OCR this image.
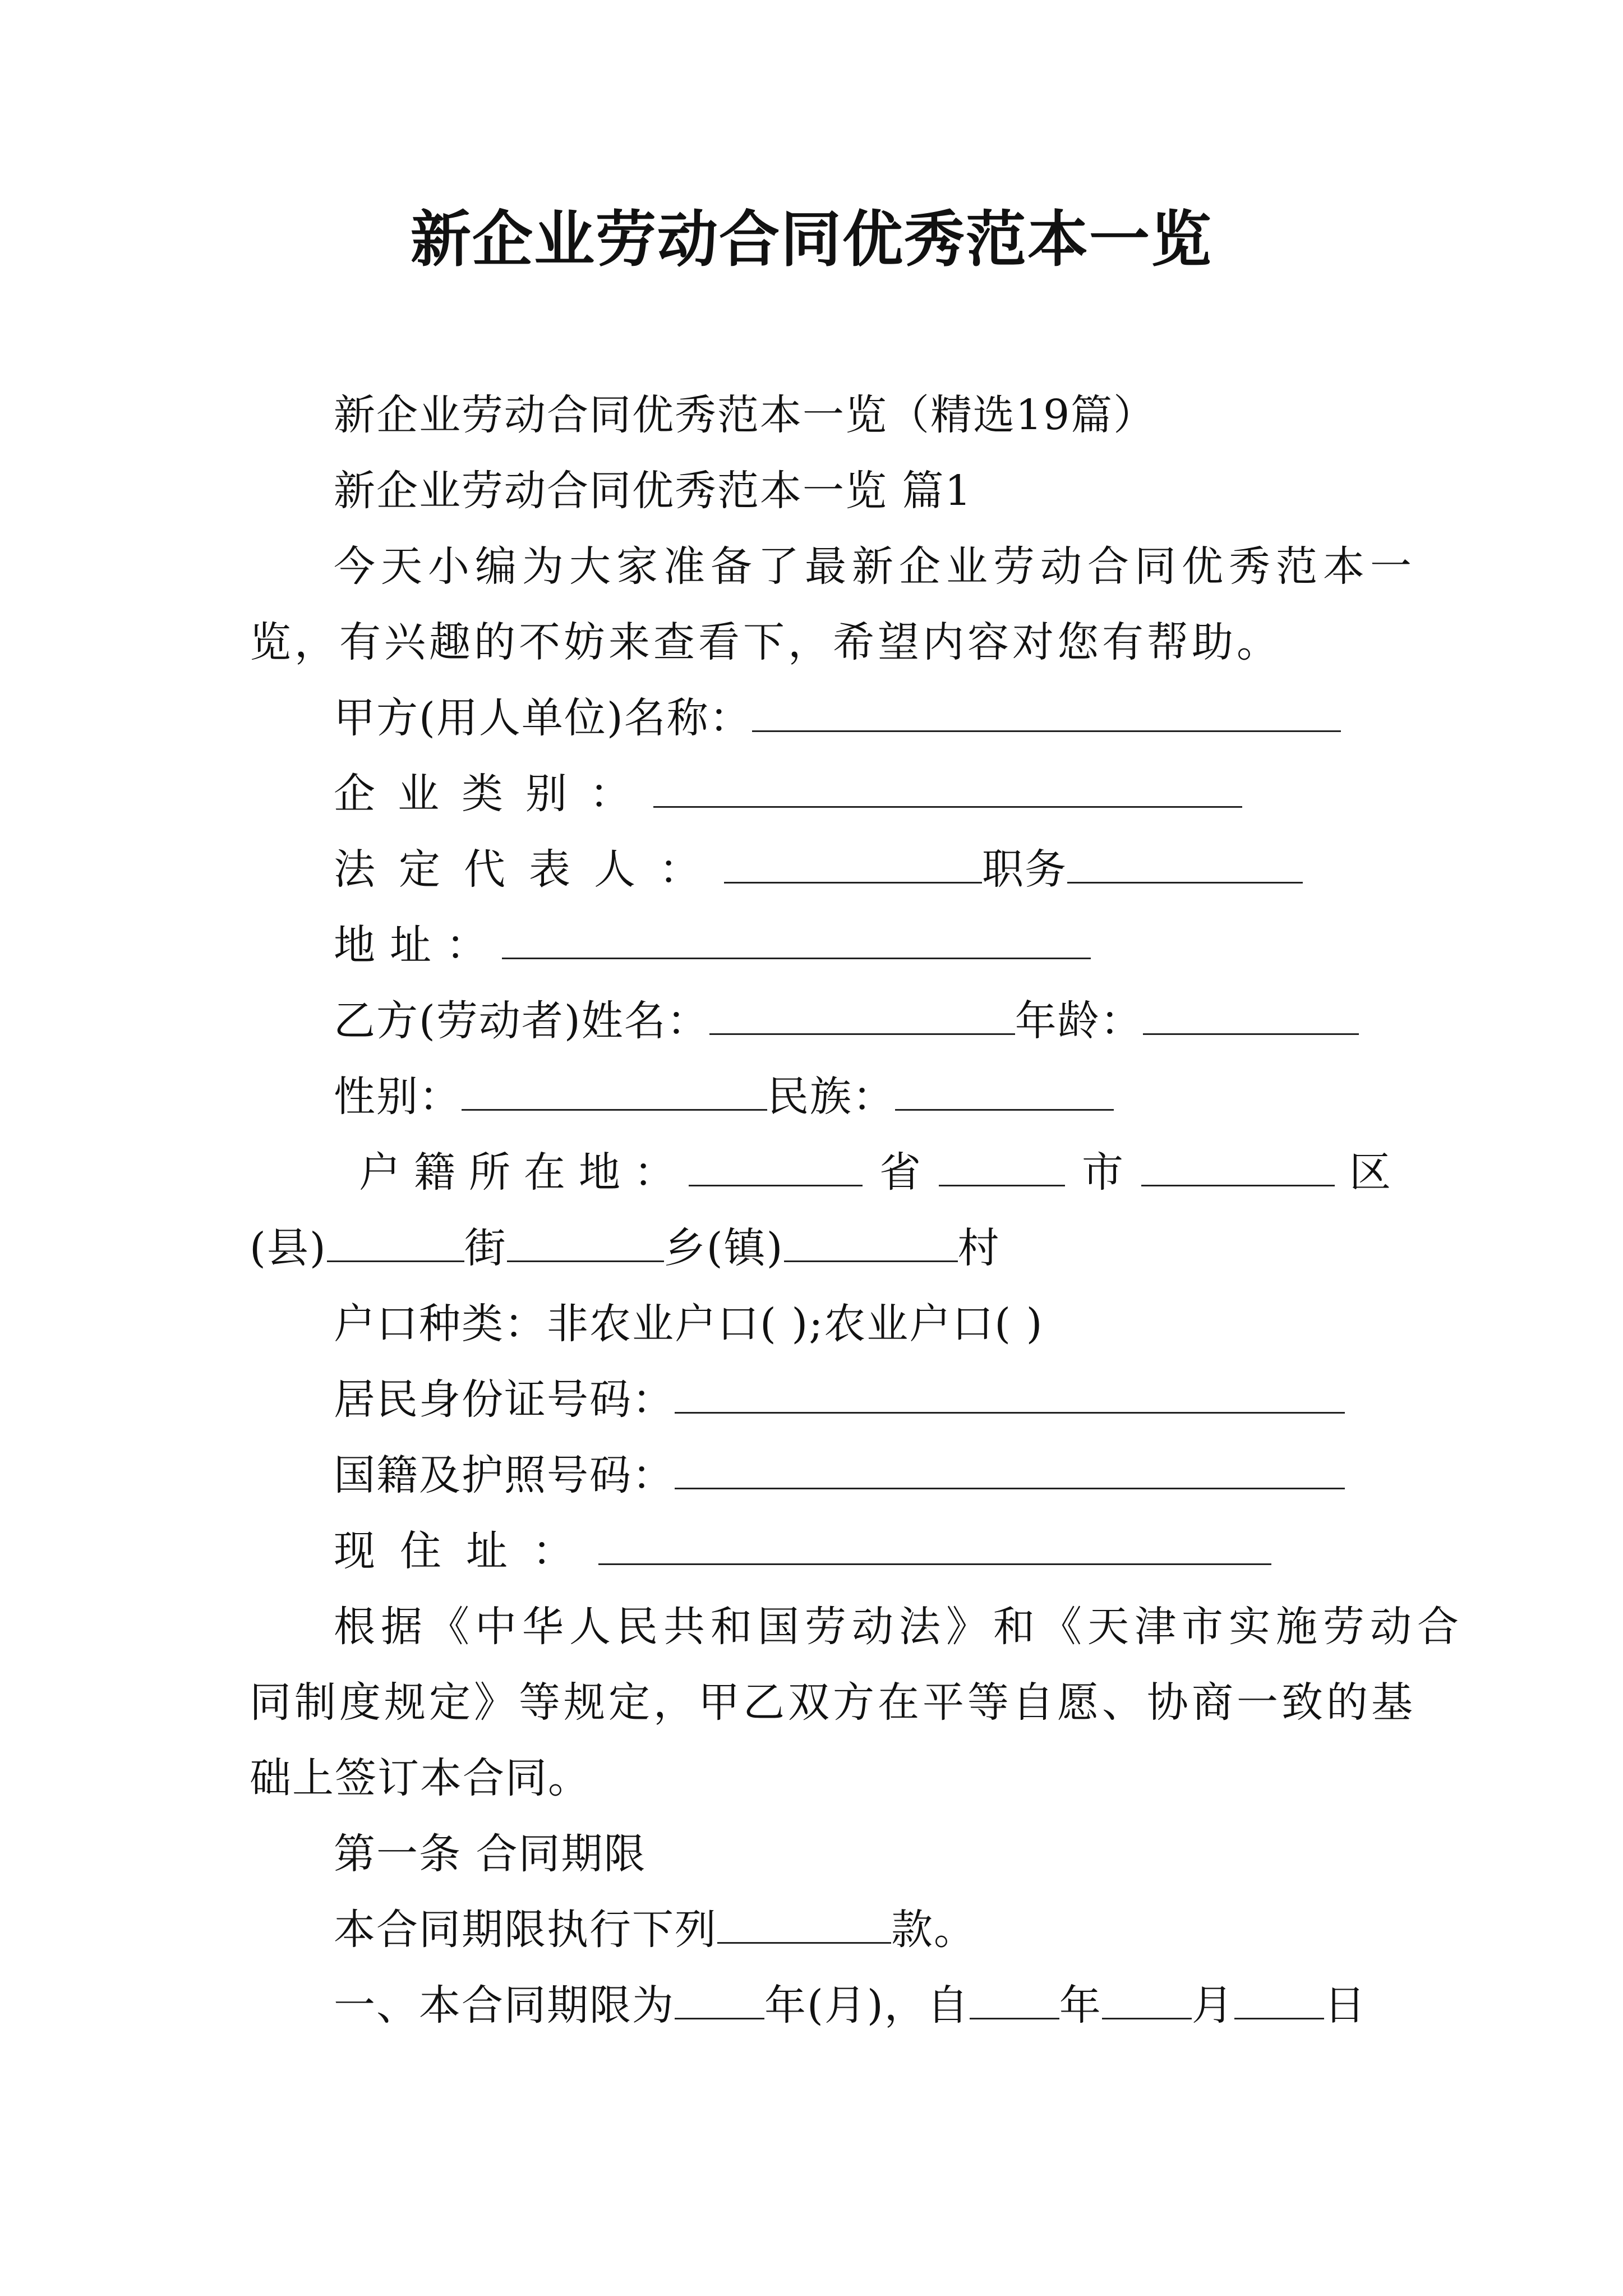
新企业劳动合同优秀范本一览
新企业劳动合同优秀范本一览（精选19篇）
新企业劳动合同优秀范本一览 篇1
今天小编为大家准备了最新企业劳动合同优秀范本一
览，有兴趣的不妨来查看下，希望内容对您有帮助。
甲方(用人单位)名称：
企业类别：
法定代表人：	职务
地址：
乙方(劳动者)姓名：	年龄：
性别：	民族：
户籍所在地：	省	市	区
(县)	街	乡(镇)	村
户口种类：非农业户口( );农业户口( )
居民身份证号码：
国籍及护照号码：
现住址：
根据《中华人民共和国劳动法》和《天津市实施劳动合
同制度规定》等规定，甲乙双方在平等自愿、协商一致的基
础上签订本合同。
第一条 合同期限
本合同期限执行下列	款。
一、本合同期限为 年(月)，自 年 月 日
